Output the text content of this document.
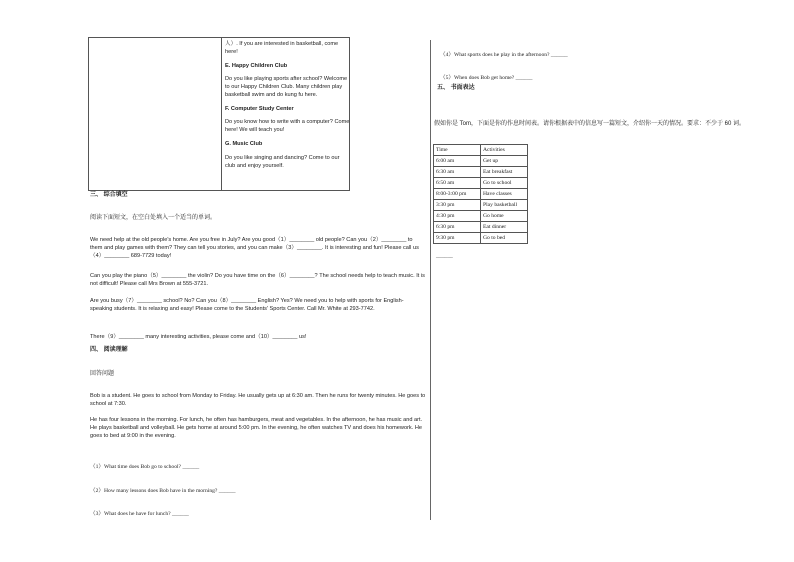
人）. If you are interested in basketball, come here!

E. Happy Children Club

Do you like playing sports after school? Welcome to our Happy Children Club. Many children play basketball swim and do kung fu here.

F. Computer Study Center

Do you know how to write with a computer? Come here! We will teach you!

G. Music Club

Do you like singing and dancing? Come to our club and enjoy yourself.

三、 综合填空
阅读下面短文，在空白处填入一个适当的单词。
We need help at the old people's home. Are you free in July? Are you good（1）________ old people? Can you（2）________ to them and play games with them? They can tell you stories, and you can make（3）________. It is interesting and fun! Please call us（4）________ 689-7729 today!
Can you play the piano（5）________ the violin? Do you have time on the（6）________? The school needs help to teach music. It is not difficult! Please call Mrs Brown at 555-3721.
Are you busy（7）________ school? No? Can you（8）________ English? Yes? We need you to help with sports for English-speaking students. It is relaxing and easy! Please come to the Students' Sports Center. Call Mr. White at 293-7742.
There（9）________ many interesting activities, please come and（10）________ us!
四、 阅读理解
回答问题
Bob is a student. He goes to school from Monday to Friday. He usually gets up at 6:30 am. Then he runs for twenty minutes. He goes to school at 7:30.
He has four lessons in the morning. For lunch, he often has hamburgers, meat and vegetables. In the afternoon, he has music and art. He plays basketball and volleyball. He gets home at around 5:00 pm. In the evening, he often watches TV and does his homework. He goes to bed at 9:00 in the evening.
（1）What time does Bob go to school? ______
（2）How many lessons does Bob have in the morning? ______
（3）What does he have for lunch? ______
（4）What sports does he play in the afternoon? ______
（5）When does Bob get home? ______
五、 书面表达
假如你是 Tom，下面是你的作息时间表。请你根据表中的信息写一篇短文，介绍你一天的情况。要求：不少于 60 词。
Time	Activities
6:00 am	Get up
6:30 am	Eat breakfast
6:50 am	Go to school
8:00-3:00 pm	Have classes
3:30 pm	Play basketball
4:30 pm	Go home
6:30 pm	Eat dinner
9:30 pm	Go to bed
______
